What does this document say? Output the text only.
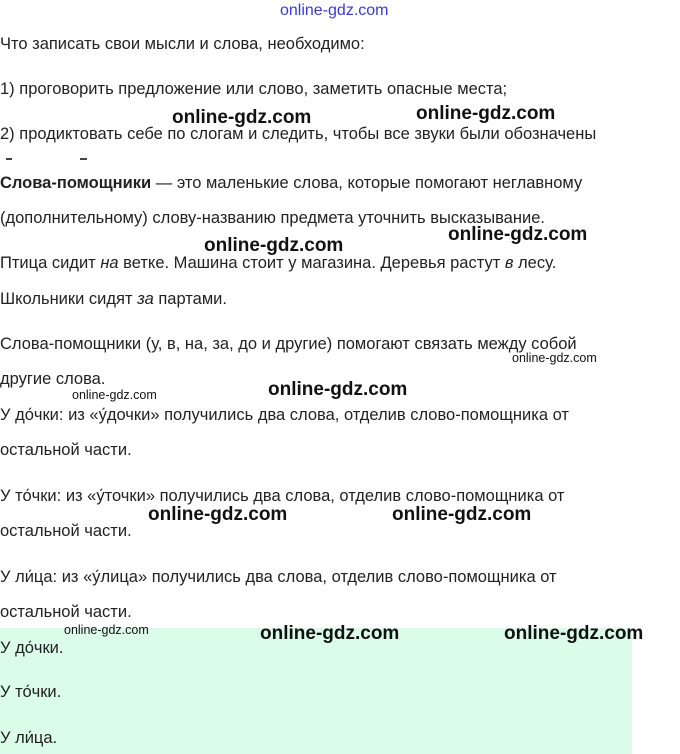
online-gdz.com
Что записать свои мысли и слова, необходимо:
1) проговорить предложение или слово, заметить опасные места;
2) продиктовать себе по слогам и следить, чтобы все звуки были обозначены
Слова-помощники — это маленькие слова, которые помогают неглавному
(дополнительному) слову-названию предмета уточнить высказывание.
Птица сидит на ветке. Машина стоит у магазина. Деревья растут в лесу.
Школьники сидят за партами.
Слова-помощники (у, в, на, за, до и другие) помогают связать между собой
другие слова.
У до́чки: из «у́дочки» получились два слова, отделив слово-помощника от
остальной части.
У то́чки: из «у́точки» получились два слова, отделив слово-помощника от
остальной части.
У ли́ца: из «у́лица» получились два слова, отделив слово-помощника от
остальной части.
У до́чки.
У то́чки.
У ли́ца.
online-gdz.com	online-gdz.com
online-gdz.com
online-gdz.com
online-gdz.com
online-gdz.com
online-gdz.com
online-gdz.com	online-gdz.com
online-gdz.com	online-gdz.com	online-gdz.com
